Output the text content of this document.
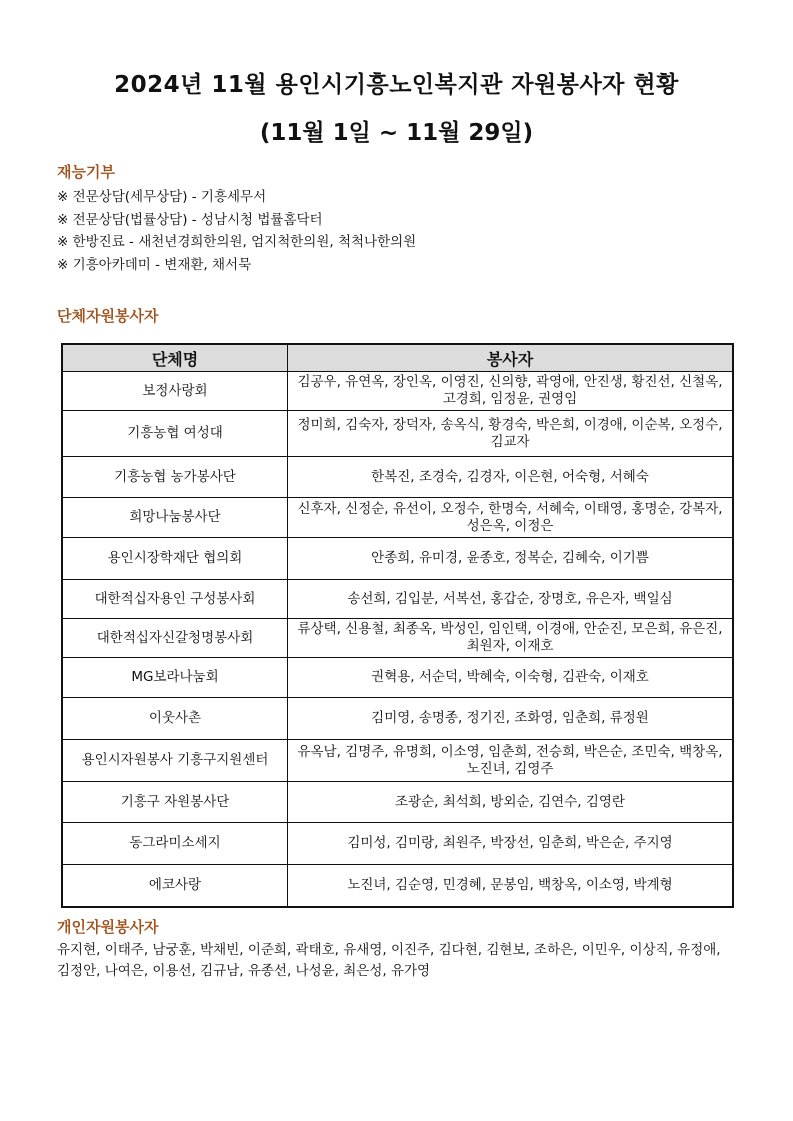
2024년 11월 용인시기흥노인복지관 자원봉사자 현황
(11월 1일 ~ 11월 29일)
재능기부
※ 전문상담(세무상담) - 기흥세무서
※ 전문상담(법률상담) - 성남시청 법률홈닥터
※ 한방진료 - 새천년경희한의원, 엄지척한의원, 척척나한의원
※ 기흥아카데미 - 변재환, 채서묵
단체자원봉사자
단체명	봉사자
보정사랑회	김공우, 유연옥, 장인옥, 이영진, 신의향, 곽영애, 안진생, 황진선, 신철옥, 고경희, 임정윤, 권영임
기흥농협 여성대	정미희, 김숙자, 장덕자, 송옥식, 황경숙, 박은희, 이경애, 이순복, 오정수, 김교자
기흥농협 농가봉사단	한복진, 조경숙, 김경자, 이은현, 어숙형, 서혜숙
희망나눔봉사단	신후자, 신정순, 유선이, 오정수, 한명숙, 서혜숙, 이태영, 홍명순, 강복자, 성은옥, 이정은
용인시장학재단 협의회	안종희, 유미경, 윤종호, 정복순, 김혜숙, 이기쁨
대한적십자용인 구성봉사회	송선희, 김입분, 서복선, 홍갑순, 장명호, 유은자, 백일심
대한적십자신갈청명봉사회	류상택, 신용철, 최종옥, 박성인, 임인택, 이경애, 안순진, 모은희, 유은진, 최원자, 이재호
MG보라나눔회	권혁용, 서순덕, 박혜숙, 이숙형, 김관숙, 이재호
이웃사촌	김미영, 송명종, 정기진, 조화영, 임춘희, 류정원
용인시자원봉사 기흥구지원센터	유옥남, 김명주, 유명희, 이소영, 임춘희, 전승희, 박은순, 조민숙, 백창옥, 노진녀, 김영주
기흥구 자원봉사단	조광순, 최석희, 방외순, 김연수, 김영란
동그라미소세지	김미성, 김미랑, 최원주, 박장선, 임춘희, 박은순, 주지영
에코사랑	노진녀, 김순영, 민경혜, 문봉임, 백창옥, 이소영, 박계형
개인자원봉사자
유지현, 이태주, 남궁훈, 박채빈, 이준희, 곽태호, 유새영, 이진주, 김다현, 김현보, 조하은, 이민우, 이상직, 유정애, 김정안, 나여은, 이용선, 김규남, 유종선, 나성윤, 최은성, 유가영
